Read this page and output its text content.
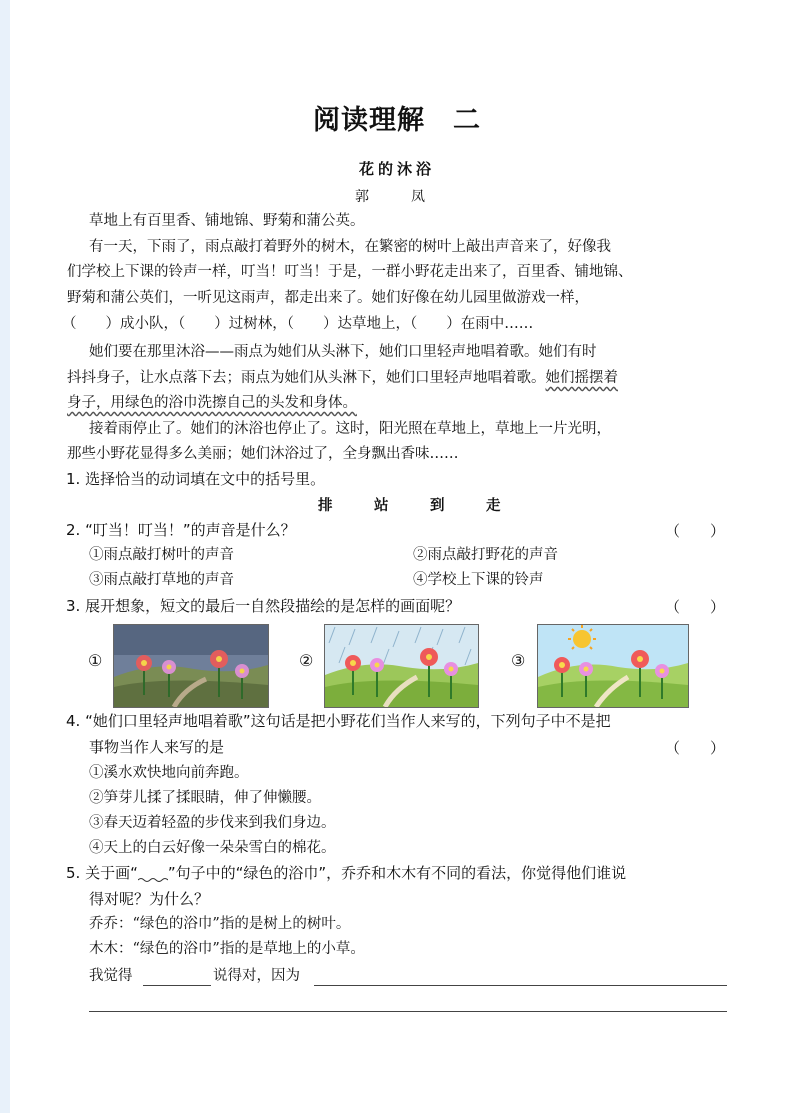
阅读理解　二
花的沐浴
郭　凤
草地上有百里香、铺地锦、野菊和蒲公英。
有一天，下雨了，雨点敲打着野外的树木，在繁密的树叶上敲出声音来了，好像我
们学校上下课的铃声一样，叮当！叮当！于是，一群小野花走出来了，百里香、铺地锦、
野菊和蒲公英们，一听见这雨声，都走出来了。她们好像在幼儿园里做游戏一样，
（　　）成小队，（　　）过树林，（　　）达草地上，（　　）在雨中……
她们要在那里沐浴——雨点为她们从头淋下，她们口里轻声地唱着歌。她们有时
抖抖身子，让水点落下去；雨点为她们从头淋下，她们口里轻声地唱着歌。她们摇摆着
身子，用绿色的浴巾洗擦自己的头发和身体。
接着雨停止了。她们的沐浴也停止了。这时，阳光照在草地上，草地上一片光明，
那些小野花显得多么美丽；她们沐浴过了，全身飘出香味……
1. 选择恰当的动词填在文中的括号里。
排	站	到	走
2. “叮当！叮当！”的声音是什么？	（　　）
①雨点敲打树叶的声音	②雨点敲打野花的声音
③雨点敲打草地的声音	④学校上下课的铃声
3. 展开想象，短文的最后一自然段描绘的是怎样的画面呢？	（　　）
①	②	③
4. “她们口里轻声地唱着歌”这句话是把小野花们当作人来写的，下列句子中不是把
事物当作人来写的是	（　　）
①溪水欢快地向前奔跑。
②笋芽儿揉了揉眼睛，伸了伸懒腰。
③春天迈着轻盈的步伐来到我们身边。
④天上的白云好像一朵朵雪白的棉花。
5. 关于画“ ”句子中的“绿色的浴巾”，乔乔和木木有不同的看法，你觉得他们谁说
得对呢？为什么？
乔乔：“绿色的浴巾”指的是树上的树叶。
木木：“绿色的浴巾”指的是草地上的小草。
我觉得	说得对，因为
